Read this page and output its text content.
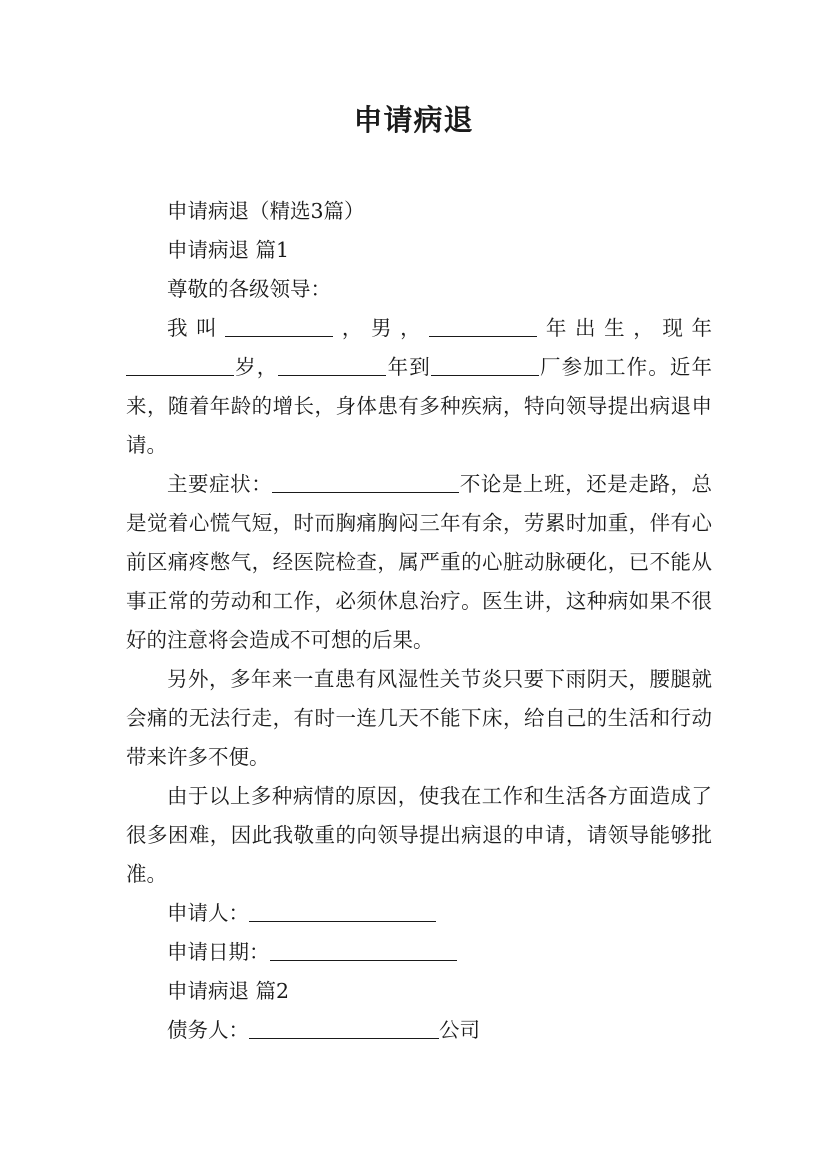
申请病退

申请病退（精选3篇）

申请病退 篇1

尊敬的各级领导：

我叫	，男，	年出生，现年岁，	年到	厂参加工作。近年来，随着年龄的增长，身体患有多种疾病，特向领导提出病退申请。

主要症状：	不论是上班，还是走路，总是觉着心慌气短，时而胸痛胸闷三年有余，劳累时加重，伴有心前区痛疼憋气，经医院检查，属严重的心脏动脉硬化，已不能从事正常的劳动和工作，必须休息治疗。医生讲，这种病如果不很好的注意将会造成不可想的后果。

另外，多年来一直患有风湿性关节炎只要下雨阴天，腰腿就会痛的无法行走，有时一连几天不能下床，给自己的生活和行动带来许多不便。

由于以上多种病情的原因，使我在工作和生活各方面造成了很多困难，因此我敬重的向领导提出病退的申请，请领导能够批准。

申请人：

申请日期：

申请病退 篇2

债务人：	公司
